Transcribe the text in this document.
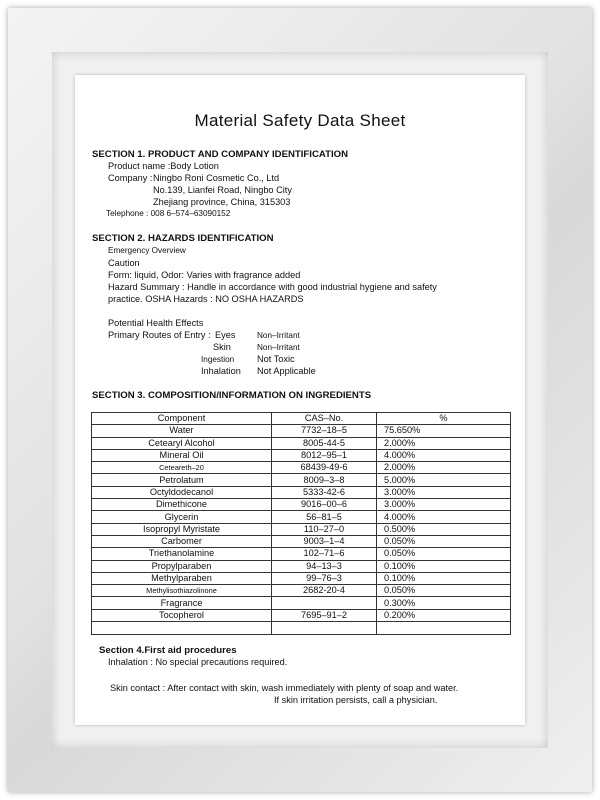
Material Safety Data Sheet
SECTION 1. PRODUCT AND COMPANY IDENTIFICATION
Product name :Body Lotion
Company : Ningbo Roni Cosmetic Co., Ltd
No.139, Lianfei Road, Ningbo City
Zhejiang province, China, 315303
Telephone : 008 6–574–63090152
SECTION 2. HAZARDS IDENTIFICATION
Emergency Overview
Caution
Form: liquid, Odor: Varies with fragrance added
Hazard Summary : Handle in accordance with good industrial hygiene and safety
practice. OSHA Hazards : NO OSHA HAZARDS
Potential Health Effects
Primary Routes of Entry : Eyes	Non–Irritant
Skin	Non–Irritant
Ingestion Not Toxic
Inhalation Not Applicable
SECTION 3. COMPOSITION/INFORMATION ON INGREDIENTS
Component	CAS–No.	%
Water	7732–18–5	75.650%
Cetearyl Alcohol	8005-44-5	2.000%
Mineral Oil	8012–95–1	4.000%
Ceteareth–20	68439-49-6	2.000%
Petrolatum	8009–3–8	5.000%
Octyldodecanol	5333-42-6	3.000%
Dimethicone	9016–00–6	3.000%
Glycerin	56–81–5	4.000%
Isopropyl Myristate	110–27–0	0.500%
Carbomer	9003–1–4	0.050%
Triethanolamine	102–71–6	0.050%
Propylparaben	94–13–3	0.100%
Methylparaben	99–76–3	0.100%
Methylisothiazolinone	2682-20-4	0.050%
Fragrance		0.300%
Tocopherol	7695–91–2	0.200%

Section 4.First aid procedures
Inhalation : No special precautions required.
Skin contact : After contact with skin, wash immediately with plenty of soap and water.
If skin irritation persists, call a physician.
